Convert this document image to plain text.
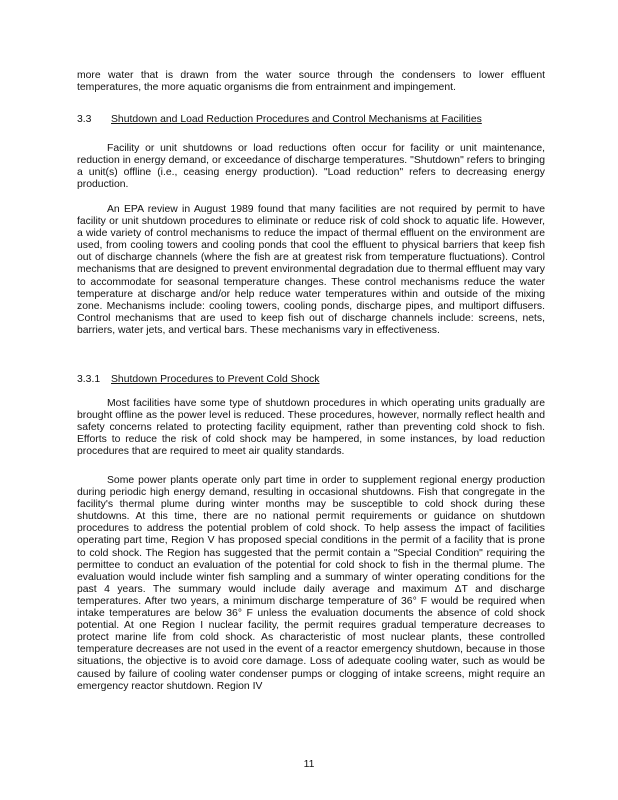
more water that is drawn from the water source through the condensers to lower effluent temperatures, the more aquatic organisms die from entrainment and impingement.

3.3 Shutdown and Load Reduction Procedures and Control Mechanisms at Facilities

Facility or unit shutdowns or load reductions often occur for facility or unit maintenance, reduction in energy demand, or exceedance of discharge temperatures. "Shutdown" refers to bringing a unit(s) offline (i.e., ceasing energy production). "Load reduction" refers to decreasing energy production.

An EPA review in August 1989 found that many facilities are not required by permit to have facility or unit shutdown procedures to eliminate or reduce risk of cold shock to aquatic life. However, a wide variety of control mechanisms to reduce the impact of thermal effluent on the environment are used, from cooling towers and cooling ponds that cool the effluent to physical barriers that keep fish out of discharge channels (where the fish are at greatest risk from temperature fluctuations). Control mechanisms that are designed to prevent environmental degradation due to thermal effluent may vary to accommodate for seasonal temperature changes. These control mechanisms reduce the water temperature at discharge and/or help reduce water temperatures within and outside of the mixing zone. Mechanisms include: cooling towers, cooling ponds, discharge pipes, and multiport diffusers. Control mechanisms that are used to keep fish out of discharge channels include: screens, nets, barriers, water jets, and vertical bars. These mechanisms vary in effectiveness.

3.3.1 Shutdown Procedures to Prevent Cold Shock

Most facilities have some type of shutdown procedures in which operating units gradually are brought offline as the power level is reduced. These procedures, however, normally reflect health and safety concerns related to protecting facility equipment, rather than preventing cold shock to fish. Efforts to reduce the risk of cold shock may be hampered, in some instances, by load reduction procedures that are required to meet air quality standards.

Some power plants operate only part time in order to supplement regional energy production during periodic high energy demand, resulting in occasional shutdowns. Fish that congregate in the facility's thermal plume during winter months may be susceptible to cold shock during these shutdowns. At this time, there are no national permit requirements or guidance on shutdown procedures to address the potential problem of cold shock. To help assess the impact of facilities operating part time, Region V has proposed special conditions in the permit of a facility that is prone to cold shock. The Region has suggested that the permit contain a "Special Condition" requiring the permittee to conduct an evaluation of the potential for cold shock to fish in the thermal plume. The evaluation would include winter fish sampling and a summary of winter operating conditions for the past 4 years. The summary would include daily average and maximum ΔT and discharge temperatures. After two years, a minimum discharge temperature of 36° F would be required when intake temperatures are below 36° F unless the evaluation documents the absence of cold shock potential. At one Region I nuclear facility, the permit requires gradual temperature decreases to protect marine life from cold shock. As characteristic of most nuclear plants, these controlled temperature decreases are not used in the event of a reactor emergency shutdown, because in those situations, the objective is to avoid core damage. Loss of adequate cooling water, such as would be caused by failure of cooling water condenser pumps or clogging of intake screens, might require an emergency reactor shutdown. Region IV

11
